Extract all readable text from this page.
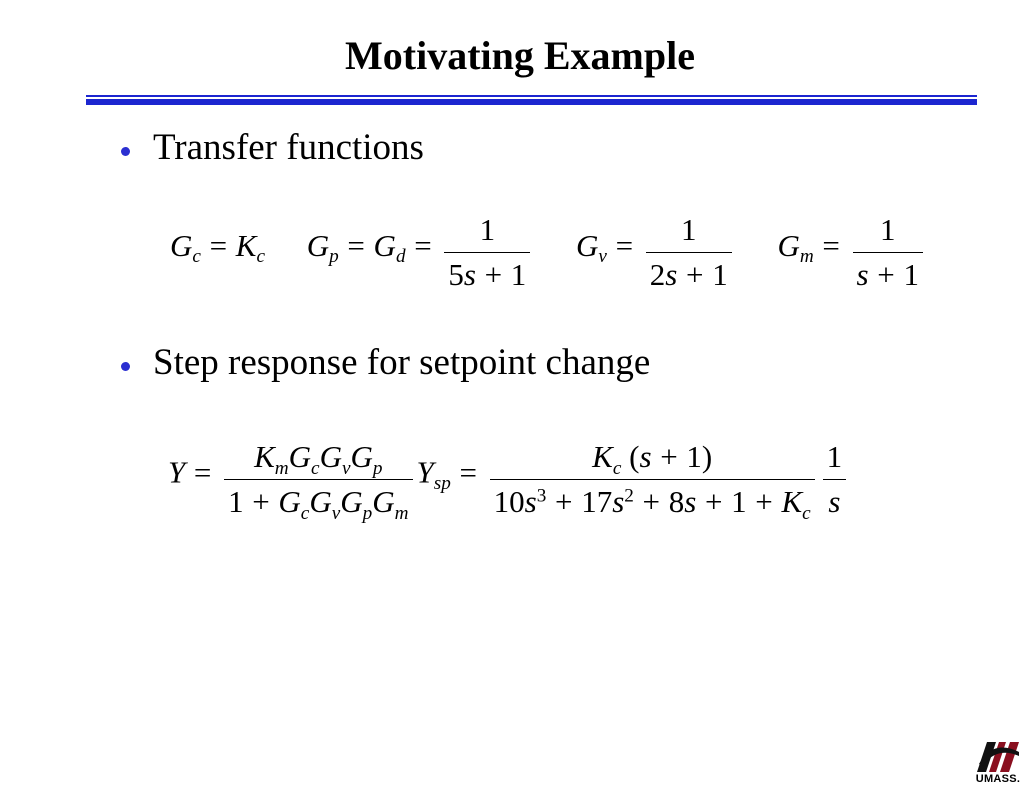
Motivating Example
Transfer functions
$G_c = K_c$ $G_p = G_d = \frac{1}{5s + 1} G_v = \frac{1}{2s + 1} G_m = \frac{1}{s + 1}$
Step response for setpoint change
$Y = \frac{K_mG_cG_vG_p}{1 + G_cG_vG_pG_m} Y_{sp} = \frac{K_c (s + 1)}{10s^3 + 17s^2 + 8s + 1 + K_c} \frac{1}{s}$
UMASS.
